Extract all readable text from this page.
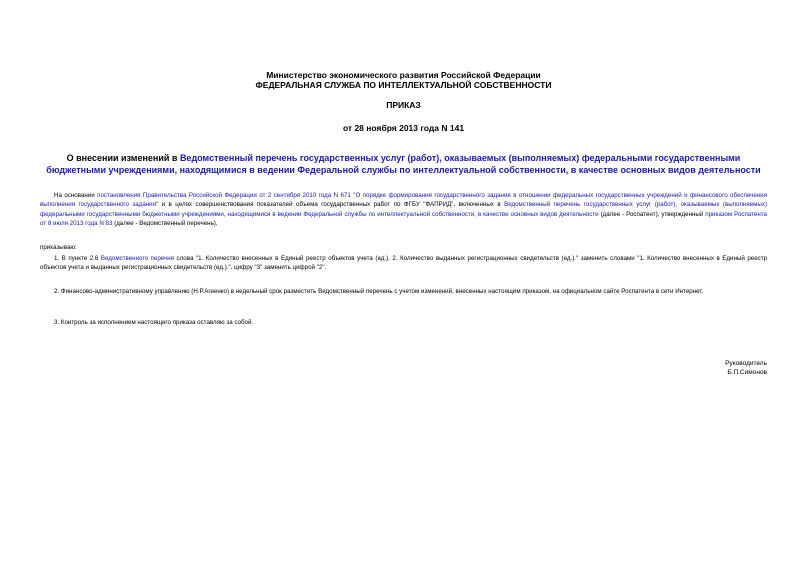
Министерство экономического развития Российской Федерации
ФЕДЕРАЛЬНАЯ СЛУЖБА ПО ИНТЕЛЛЕКТУАЛЬНОЙ СОБСТВЕННОСТИ
ПРИКАЗ
от 28 ноября 2013 года N 141
О внесении изменений в Ведомственный перечень государственных услуг (работ), оказываемых (выполняемых) федеральными государственными бюджетными учреждениями, находящимися в ведении Федеральной службы по интеллектуальной собственности, в качестве основных видов деятельности
На основании постановления Правительства Российской Федерации от 2 сентября 2010 года N 671 "О порядке формирования государственного задания в отношении федеральных государственных учреждений и финансового обеспечения выполнения государственного задания" и в целях совершенствования показателей объема государственных работ по ФГБУ "ФАПРИД", включенных в Ведомственный перечень государственных услуг (работ), оказываемых (выполняемых) федеральными государственными бюджетными учреждениями, находящимися в ведении Федеральной службы по интеллектуальной собственности, в качестве основных видов деятельности (далее - Роспатент), утвержденный приказом Роспатента от 8 июля 2013 года N 83 (далее - Ведомственный перечень),
приказываю:
1. В пункте 2.6 Ведомственного перечня слова "1. Количество внесенных в Единый реестр объектов учета (ед.). 2. Количество выданных регистрационных свидетельств (ед.)." заменить словами "1. Количество внесенных в Единый реестр объектов учета и выданных регистрационных свидетельств (ед.).", цифру "3" заменить цифрой "2".
2. Финансово-административному управлению (Н.Р.Агеенко) в недельный срок разместить Ведомственный перечень с учетом изменений, внесенных настоящим приказом, на официальном сайте Роспатента в сети Интернет.
3. Контроль за исполнением настоящего приказа оставляю за собой.
Руководитель
Б.П.Симонов
